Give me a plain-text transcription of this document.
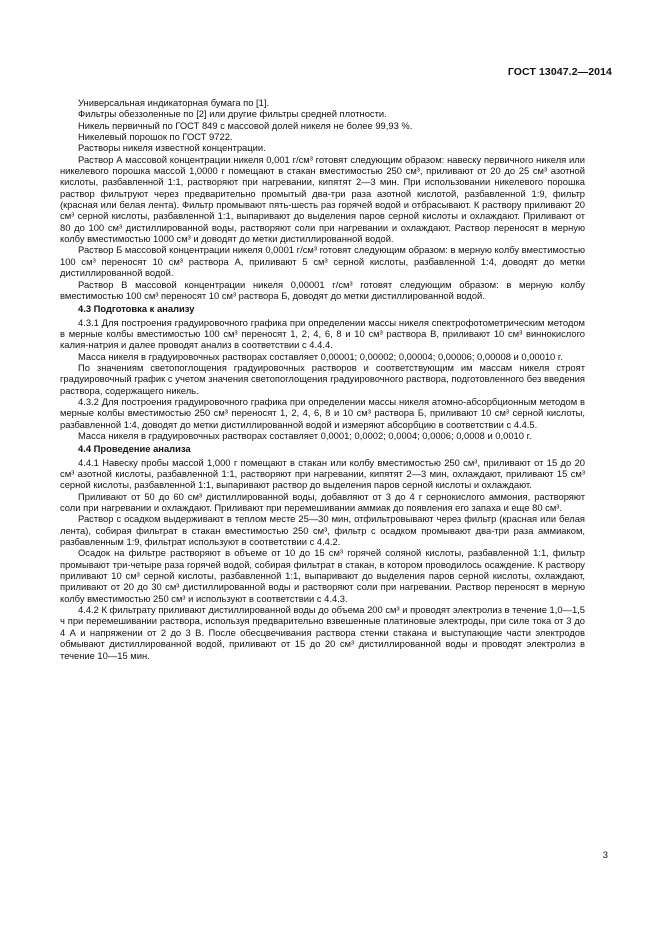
ГОСТ 13047.2—2014

Универсальная индикаторная бумага по [1].

Фильтры обеззоленные по [2] или другие фильтры средней плотности.

Никель первичный по ГОСТ 849 с массовой долей никеля не более 99,93 %.

Никелевый порошок по ГОСТ 9722.

Растворы никеля известной концентрации.

Раствор А массовой концентрации никеля 0,001 г/см³ готовят следующим образом: навеску первичного никеля или никелевого порошка массой 1,0000 г помещают в стакан вместимостью 250 см³, приливают от 20 до 25 см³ азотной кислоты, разбавленной 1:1, растворяют при нагревании, кипятят 2—3 мин. При использовании никелевого порошка раствор фильтруют через предварительно промытый два-три раза азотной кислотой, разбавленной 1:9, фильтр (красная или белая лента). Фильтр промывают пять-шесть раз горячей водой и отбрасывают. К раствору приливают 20 см³ серной кислоты, разбавленной 1:1, выпаривают до выделения паров серной кислоты и охлаждают. Приливают от 80 до 100 см³ дистиллированной воды, растворяют соли при нагревании и охлаждают. Раствор переносят в мерную колбу вместимостью 1000 см³ и доводят до метки дистиллированной водой.

Раствор Б массовой концентрации никеля 0,0001 г/см³ готовят следующим образом: в мерную колбу вместимостью 100 см³ переносят 10 см³ раствора А, приливают 5 см³ серной кислоты, разбавленной 1:4, доводят до метки дистиллированной водой.

Раствор В массовой концентрации никеля 0,00001 г/см³ готовят следующим образом: в мерную колбу вместимостью 100 см³ переносят 10 см³ раствора Б, доводят до метки дистиллированной водой.

4.3 Подготовка к анализу

4.3.1 Для построения градуировочного графика при определении массы никеля спектрофотометрическим методом в мерные колбы вместимостью 100 см³ переносят 1, 2, 4, 6, 8 и 10 см³ раствора В, приливают 10 см³ виннокислого калия-натрия и далее проводят анализ в соответствии с 4.4.4.

Масса никеля в градуировочных растворах составляет 0,00001; 0,00002; 0,00004; 0,00006; 0,00008 и 0,00010 г.

По значениям светопоглощения градуировочных растворов и соответствующим им массам никеля строят градуировочный график с учетом значения светопоглощения градуировочного раствора, подготовленного без введения раствора, содержащего никель.

4.3.2 Для построения градуировочного графика при определении массы никеля атомно-абсорбционным методом в мерные колбы вместимостью 250 см³ переносят 1, 2, 4, 6, 8 и 10 см³ раствора Б, приливают 10 см³ серной кислоты, разбавленной 1:4, доводят до метки дистиллированной водой и измеряют абсорбцию в соответствии с 4.4.5.

Масса никеля в градуировочных растворах составляет 0,0001; 0,0002; 0,0004; 0,0006; 0,0008 и 0,0010 г.

4.4 Проведение анализа

4.4.1 Навеску пробы массой 1,000 г помещают в стакан или колбу вместимостью 250 см³, приливают от 15 до 20 см³ азотной кислоты, разбавленной 1:1, растворяют при нагревании, кипятят 2—3 мин, охлаждают, приливают 15 см³ серной кислоты, разбавленной 1:1, выпаривают раствор до выделения паров серной кислоты и охлаждают.

Приливают от 50 до 60 см³ дистиллированной воды, добавляют от 3 до 4 г сернокислого аммония, растворяют соли при нагревании и охлаждают. Приливают при перемешивании аммиак до появления его запаха и еще 80 см³.

Раствор с осадком выдерживают в теплом месте 25—30 мин, отфильтровывают через фильтр (красная или белая лента), собирая фильтрат в стакан вместимостью 250 см³, фильтр с осадком промывают два-три раза аммиаком, разбавленным 1:9, фильтрат используют в соответствии с 4.4.2.

Осадок на фильтре растворяют в объеме от 10 до 15 см³ горячей соляной кислоты, разбавленной 1:1, фильтр промывают три-четыре раза горячей водой, собирая фильтрат в стакан, в котором проводилось осаждение. К раствору приливают 10 см³ серной кислоты, разбавленной 1:1, выпаривают до выделения паров серной кислоты, охлаждают, приливают от 20 до 30 см³ дистиллированной воды и растворяют соли при нагревании. Раствор переносят в мерную колбу вместимостью 250 см³ и используют в соответствии с 4.4.3.

4.4.2 К фильтрату приливают дистиллированной воды до объема 200 см³ и проводят электролиз в течение 1,0—1,5 ч при перемешивании раствора, используя предварительно взвешенные платиновые электроды, при силе тока от 3 до 4 А и напряжении от 2 до 3 В. После обесцвечивания раствора стенки стакана и выступающие части электродов обмывают дистиллированной водой, приливают от 15 до 20 см³ дистиллированной воды и проводят электролиз в течение 10—15 мин.

3
